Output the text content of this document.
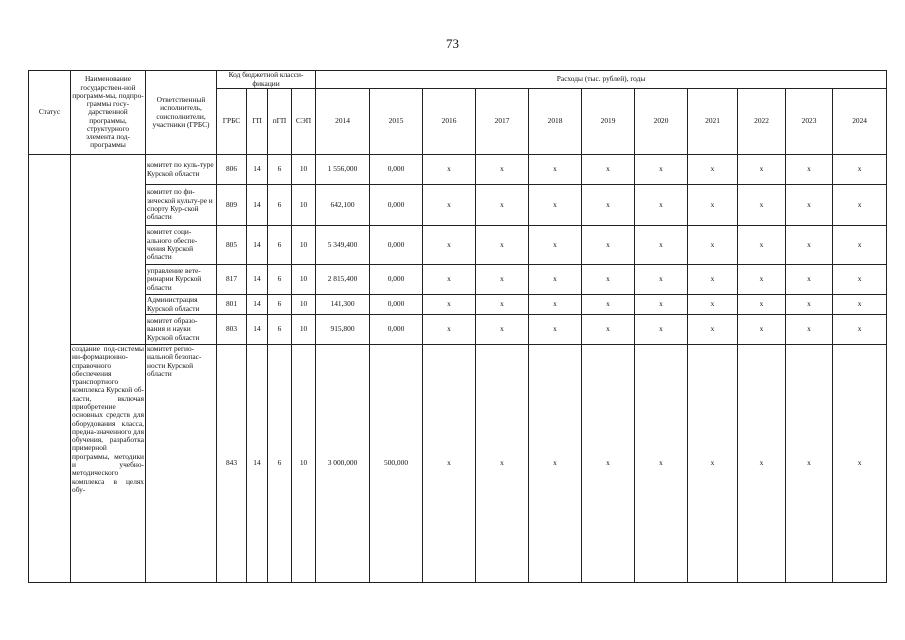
73
Статус	Наименование государствен-ной программ-мы, подпро-граммы госу-дарственной программы, структурного элемента под-программы	Ответственный исполнитель, соисполнители, участники (ГРБС)	Код бюджетной класси-фикации				Расходы (тыс. рублей), годы										
			ГРБС	ГП	пГП	СЭП	2014	2015	2016	2017	2018	2019	2020	2021	2022	2023	2024
		комитет по куль-туре Курской области	806	14	6	10	1 556,000	0,000	x	x	x	x	x	x	x	x	x
		комитет по фи-зической культу-ре и спорту Кур-ской области	809	14	6	10	642,100	0,000	x	x	x	x	x	x	x	x	x
		комитет соци-ального обеспе-чения Курской области	805	14	6	10	5 349,400	0,000	x	x	x	x	x	x	x	x	x
		управление вете-ринарии Курской области	817	14	6	10	2 815,400	0,000	x	x	x	x	x	x	x	x	x
		Администрация Курской области	801	14	6	10	141,300	0,000	x	x	x	x	x	x	x	x	x
		комитет образо-вания и науки Курской области	803	14	6	10	915,800	0,000	x	x	x	x	x	x	x	x	x
	создание под-системы ин-формационно-справочного обеспечения транспортного комплекса Курской об-ласти, включая приобретение основных средств для оборудования класса, предна-значенного для обучения, разработка примерной программы, методики и учебно-методического комплекса в целях обу-	комитет регио-нальной безопас-ности Курской области	843	14	6	10	3 000,000	500,000	x	x	x	x	x	x	x	x	x
